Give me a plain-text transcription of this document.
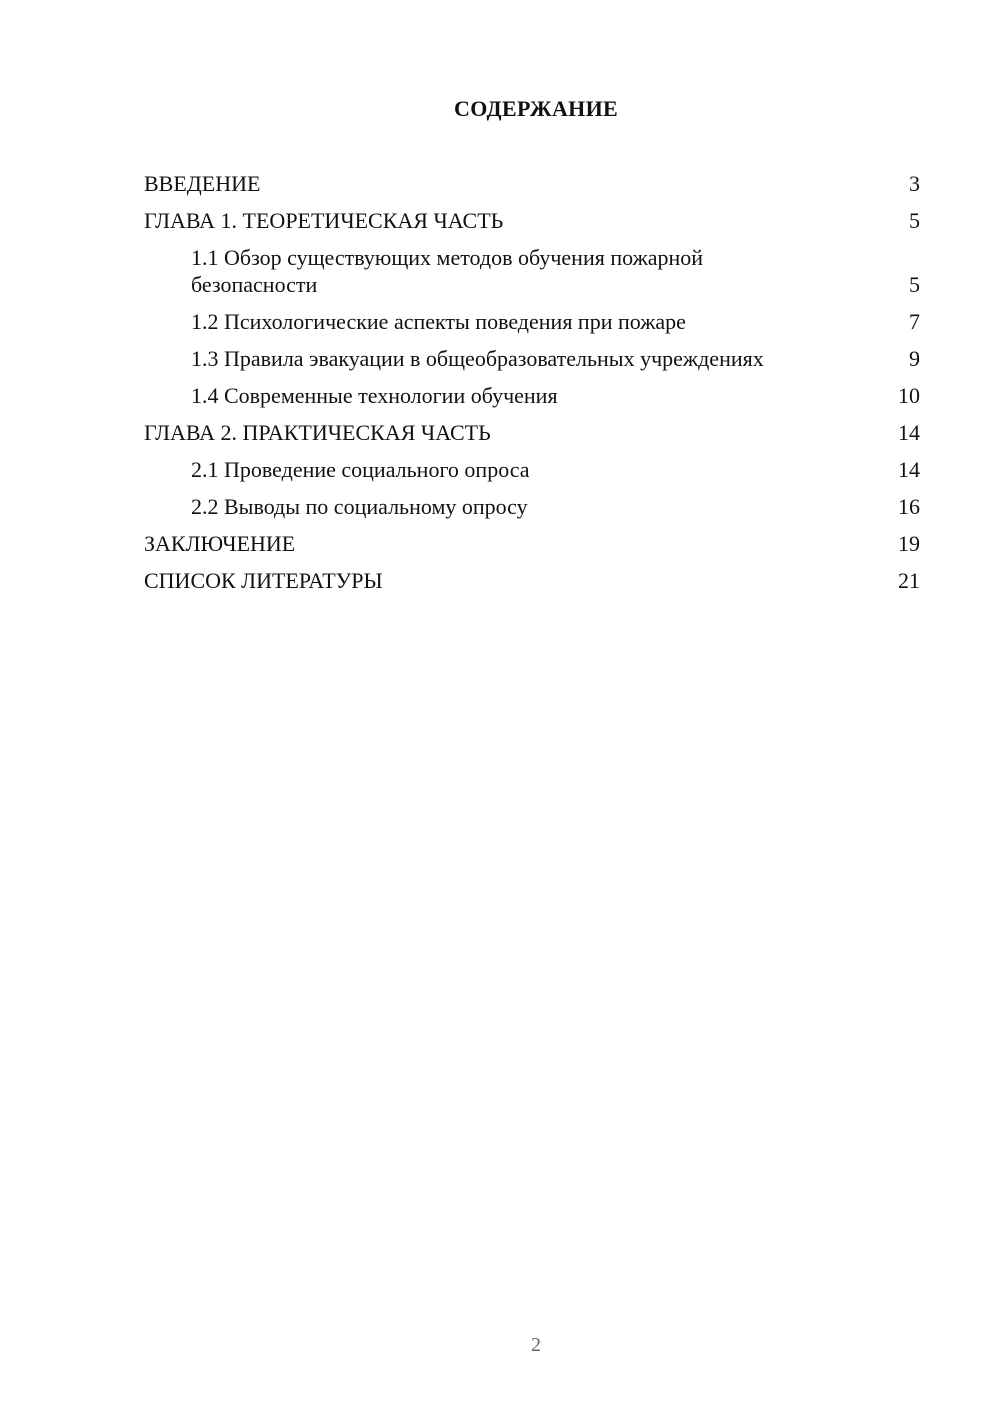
СОДЕРЖАНИЕ
ВВЕДЕНИЕ	3
ГЛАВА 1. ТЕОРЕТИЧЕСКАЯ ЧАСТЬ	5
1.1 Обзор существующих методов обучения пожарной безопасности	5
1.2 Психологические аспекты поведения при пожаре	7
1.3 Правила эвакуации в общеобразовательных учреждениях	9
1.4 Современные технологии обучения	10
ГЛАВА 2. ПРАКТИЧЕСКАЯ ЧАСТЬ	14
2.1 Проведение социального опроса	14
2.2 Выводы по социальному опросу	16
ЗАКЛЮЧЕНИЕ	19
СПИСОК ЛИТЕРАТУРЫ	21
2
